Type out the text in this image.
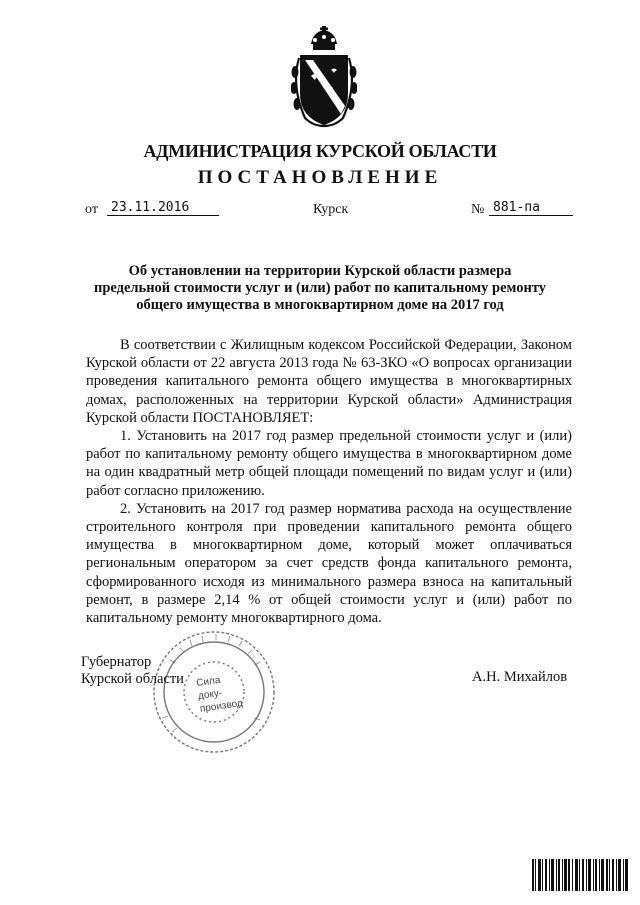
АДМИНИСТРАЦИЯ КУРСКОЙ ОБЛАСТИ
ПОСТАНОВЛЕНИЕ
от	23.11.2016	Курск	№ 881-па
Об установлении на территории Курской области размера
предельной стоимости услуг и (или) работ по капитальному ремонту
общего имущества в многоквартирном доме на 2017 год

В соответствии с Жилищным кодексом Российской Федерации, Законом Курской области от 22 августа 2013 года № 63-ЗКО «О вопросах организации проведения капитального ремонта общего имущества в многоквартирных домах, расположенных на территории Курской области» Администрация Курской области ПОСТАНОВЛЯЕТ:

1. Установить на 2017 год размер предельной стоимости услуг и (или) работ по капитальному ремонту общего имущества в многоквартирном доме на один квадратный метр общей площади помещений по видам услуг и (или) работ согласно приложению.

2. Установить на 2017 год размер норматива расхода на осуществление строительного контроля при проведении капитального ремонта общего имущества в многоквартирном доме, который может оплачиваться региональным оператором за счет средств фонда капитального ремонта, сформированного исходя из минимального размера взноса на капитальный ремонт, в размере 2,14 % от общей стоимости услуг и (или) работ по капитальному ремонту многоквартирного дома.

Сила
доку-
производ
Губернатор
Курской области	А.Н. Михайлов
